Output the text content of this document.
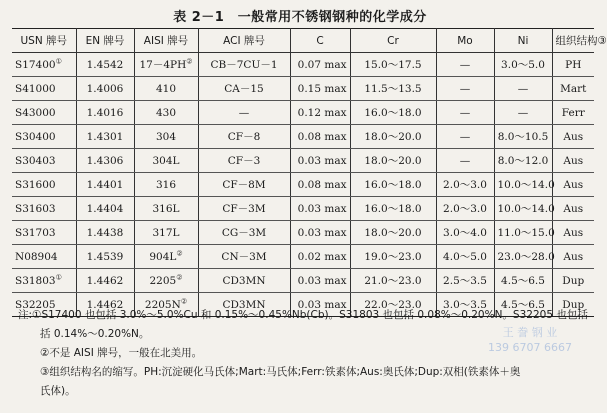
表 2－1　一般常用不锈钢钢种的化学成分
USN 牌号	EN 牌号	AISI 牌号	ACI 牌号	C	Cr	Mo	Ni	组织结构③
S17400①	1.4542	17－4PH②	CB－7CU－1	0.07 max	15.0～17.5	—	3.0～5.0	PH
S41000	1.4006	410	CA－15	0.15 max	11.5～13.5	—	—	Mart
S43000	1.4016	430	—	0.12 max	16.0～18.0	—	—	Ferr
S30400	1.4301	304	CF－8	0.08 max	18.0～20.0	—	8.0～10.5	Aus
S30403	1.4306	304L	CF－3	0.03 max	18.0～20.0	—	8.0～12.0	Aus
S31600	1.4401	316	CF－8M	0.08 max	16.0～18.0	2.0～3.0	10.0～14.0	Aus
S31603	1.4404	316L	CF－3M	0.03 max	16.0～18.0	2.0～3.0	10.0～14.0	Aus
S31703	1.4438	317L	CG－3M	0.03 max	18.0～20.0	3.0～4.0	11.0～15.0	Aus
N08904	1.4539	904L②	CN－3M	0.02 max	19.0～23.0	4.0～5.0	23.0～28.0	Aus
S31803①	1.4462	2205②	CD3MN	0.03 max	21.0～23.0	2.5～3.5	4.5～6.5	Dup
S32205	1.4462	2205N②	CD3MN	0.03 max	22.0～23.0	3.0～3.5	4.5～6.5	Dup

注:①S17400 也包括 3.0%～5.0%Cu 和 0.15%～0.45%Nb(Cb)。S31803 也包括 0.08%～0.20%N。S32205 也包括

括 0.14%～0.20%N。

②不是 AISI 牌号，一般在北美用。

③组织结构名的缩写。PH:沉淀硬化马氏体;Mart:马氏体;Ferr:铁素体;Aus:奥氏体;Dup:双相(铁素体＋奥

氏体)。

王 誊 钢 业
139 6707 6667
